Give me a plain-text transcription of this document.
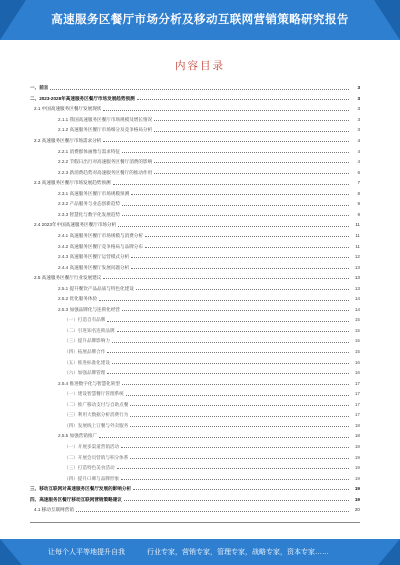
高速服务区餐厅市场分析及移动互联网营销策略研究报告
内容目录
一、前言	3
二、2023-2028年高速服务区餐厅市场发展趋势预测	3
2.1 中国高速服务区餐厅发展现状	3
2.1.1 我国高速服务区餐厅市场规模及增长情况	3
2.1.2 高速服务区餐厅市场细分及竞争格局分析	3
2.2 高速服务区餐厅市场需求分析	4
2.2.1 消费群体画像与需求特征	4
2.2.2 节假日出行对高速服务区餐厅消费的影响	4
2.2.3 新消费趋势对高速服务区餐厅的推动作用	6
2.3 高速服务区餐厅市场发展趋势预测	7
2.3.1 高速服务区餐厅市场规模预测	8
2.3.2 产品服务与业态创新趋势	9
2.3.3 智慧化与数字化发展趋势	9
2.4 2023年中国高速服务区餐厅市场分析	11
2.4.1 高速服务区餐厅市场规模与消费分析	11
2.4.2 高速服务区餐厅竞争格局与品牌分布	11
2.4.3 高速服务区餐厅运营模式分析	12
2.4.4 高速服务区餐厅发展问题分析	13
2.5 高速服务区餐厅行业发展建议	13
2.5.1 提升餐饮产品品质与特色化建设	13
2.5.2 优化服务体验	14
2.5.3 加强品牌化与连锁化经营	14
（一）打造自有品牌	15
（二）引进知名连锁品牌	15
（三）提升品牌影响力	15
（四）拓展品牌合作	15
（五）推进标准化建设	16
（六）加强品牌管理	16
2.5.4 推进数字化与智慧化转型	17
（一）建设智慧餐厅管理系统	17
（二）推广移动支付与自助点餐	17
（三）利用大数据分析消费行为	17
（四）发展线上订餐与外卖服务	18
2.5.5 加强营销推广	18
（一）开展多渠道营销活动	18
（二）开展会员营销与积分体系	19
（三）打造特色美食活动	19
（四）提升口碑与品牌形象	19
三、移动互联网对高速服务区餐厅发展的影响分析	19
四、高速服务区餐厅移动互联网营销策略建议	19
4.1 移动互联网营销	20
让每个人平等地提升自我	行业专家，营销专家，管理专家，战略专家，资本专家……
